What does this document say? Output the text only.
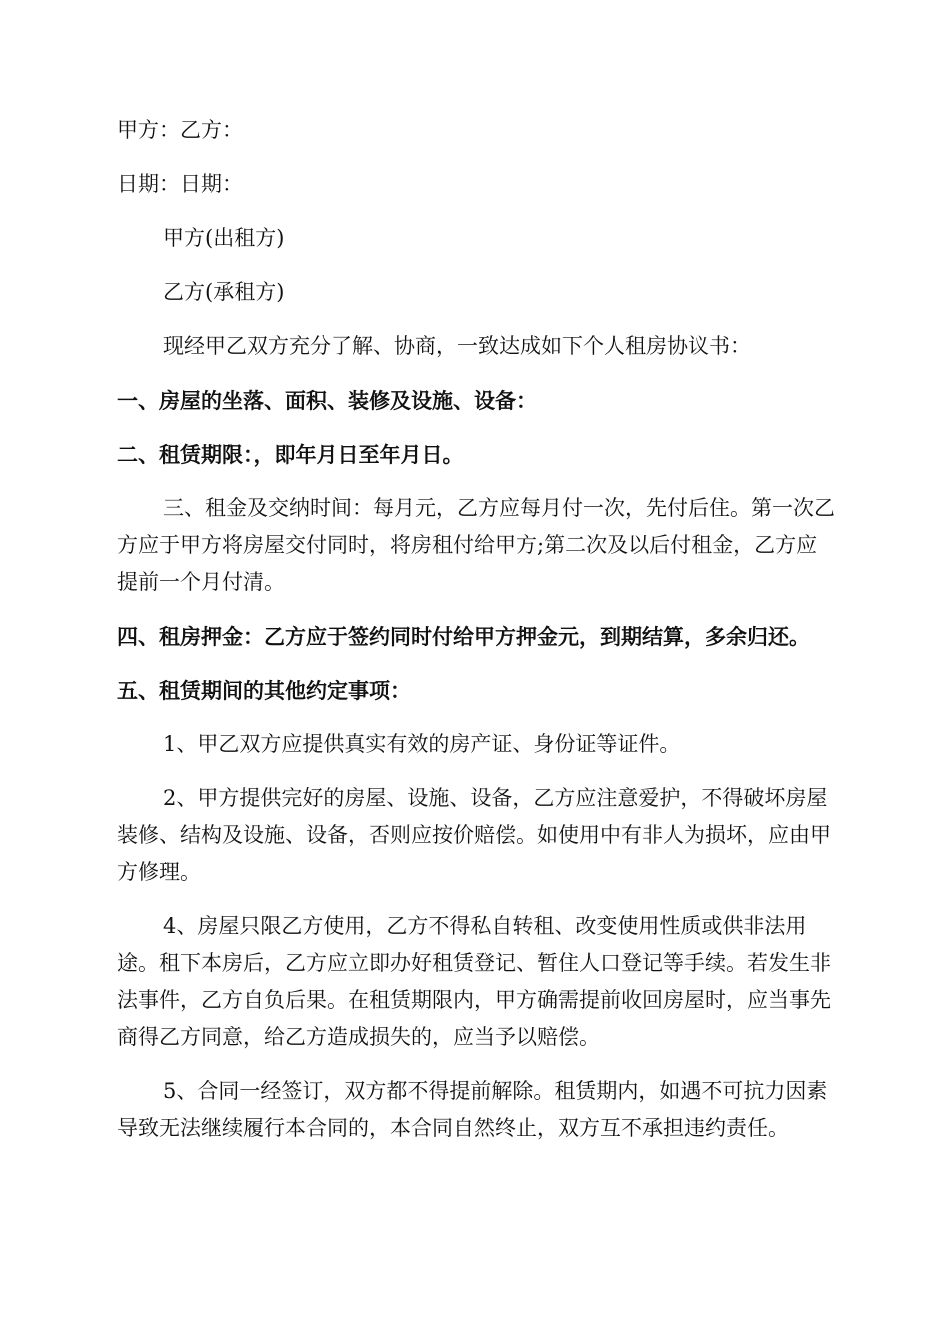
甲方：乙方：

日期：日期：

甲方(出租方)

乙方(承租方)

现经甲乙双方充分了解、协商，一致达成如下个人租房协议书：

一、房屋的坐落、面积、装修及设施、设备：

二、租赁期限：，即年月日至年月日。

三、租金及交纳时间：每月元，乙方应每月付一次，先付后住。第一次乙方应于甲方将房屋交付同时，将房租付给甲方;第二次及以后付租金，乙方应提前一个月付清。

四、租房押金：乙方应于签约同时付给甲方押金元，到期结算，多余归还。

五、租赁期间的其他约定事项：

1、甲乙双方应提供真实有效的房产证、身份证等证件。

2、甲方提供完好的房屋、设施、设备，乙方应注意爱护，不得破坏房屋装修、结构及设施、设备，否则应按价赔偿。如使用中有非人为损坏，应由甲方修理。

4、房屋只限乙方使用，乙方不得私自转租、改变使用性质或供非法用途。租下本房后，乙方应立即办好租赁登记、暂住人口登记等手续。若发生非法事件，乙方自负后果。在租赁期限内，甲方确需提前收回房屋时，应当事先商得乙方同意，给乙方造成损失的，应当予以赔偿。

5、合同一经签订，双方都不得提前解除。租赁期内，如遇不可抗力因素导致无法继续履行本合同的，本合同自然终止，双方互不承担违约责任。
